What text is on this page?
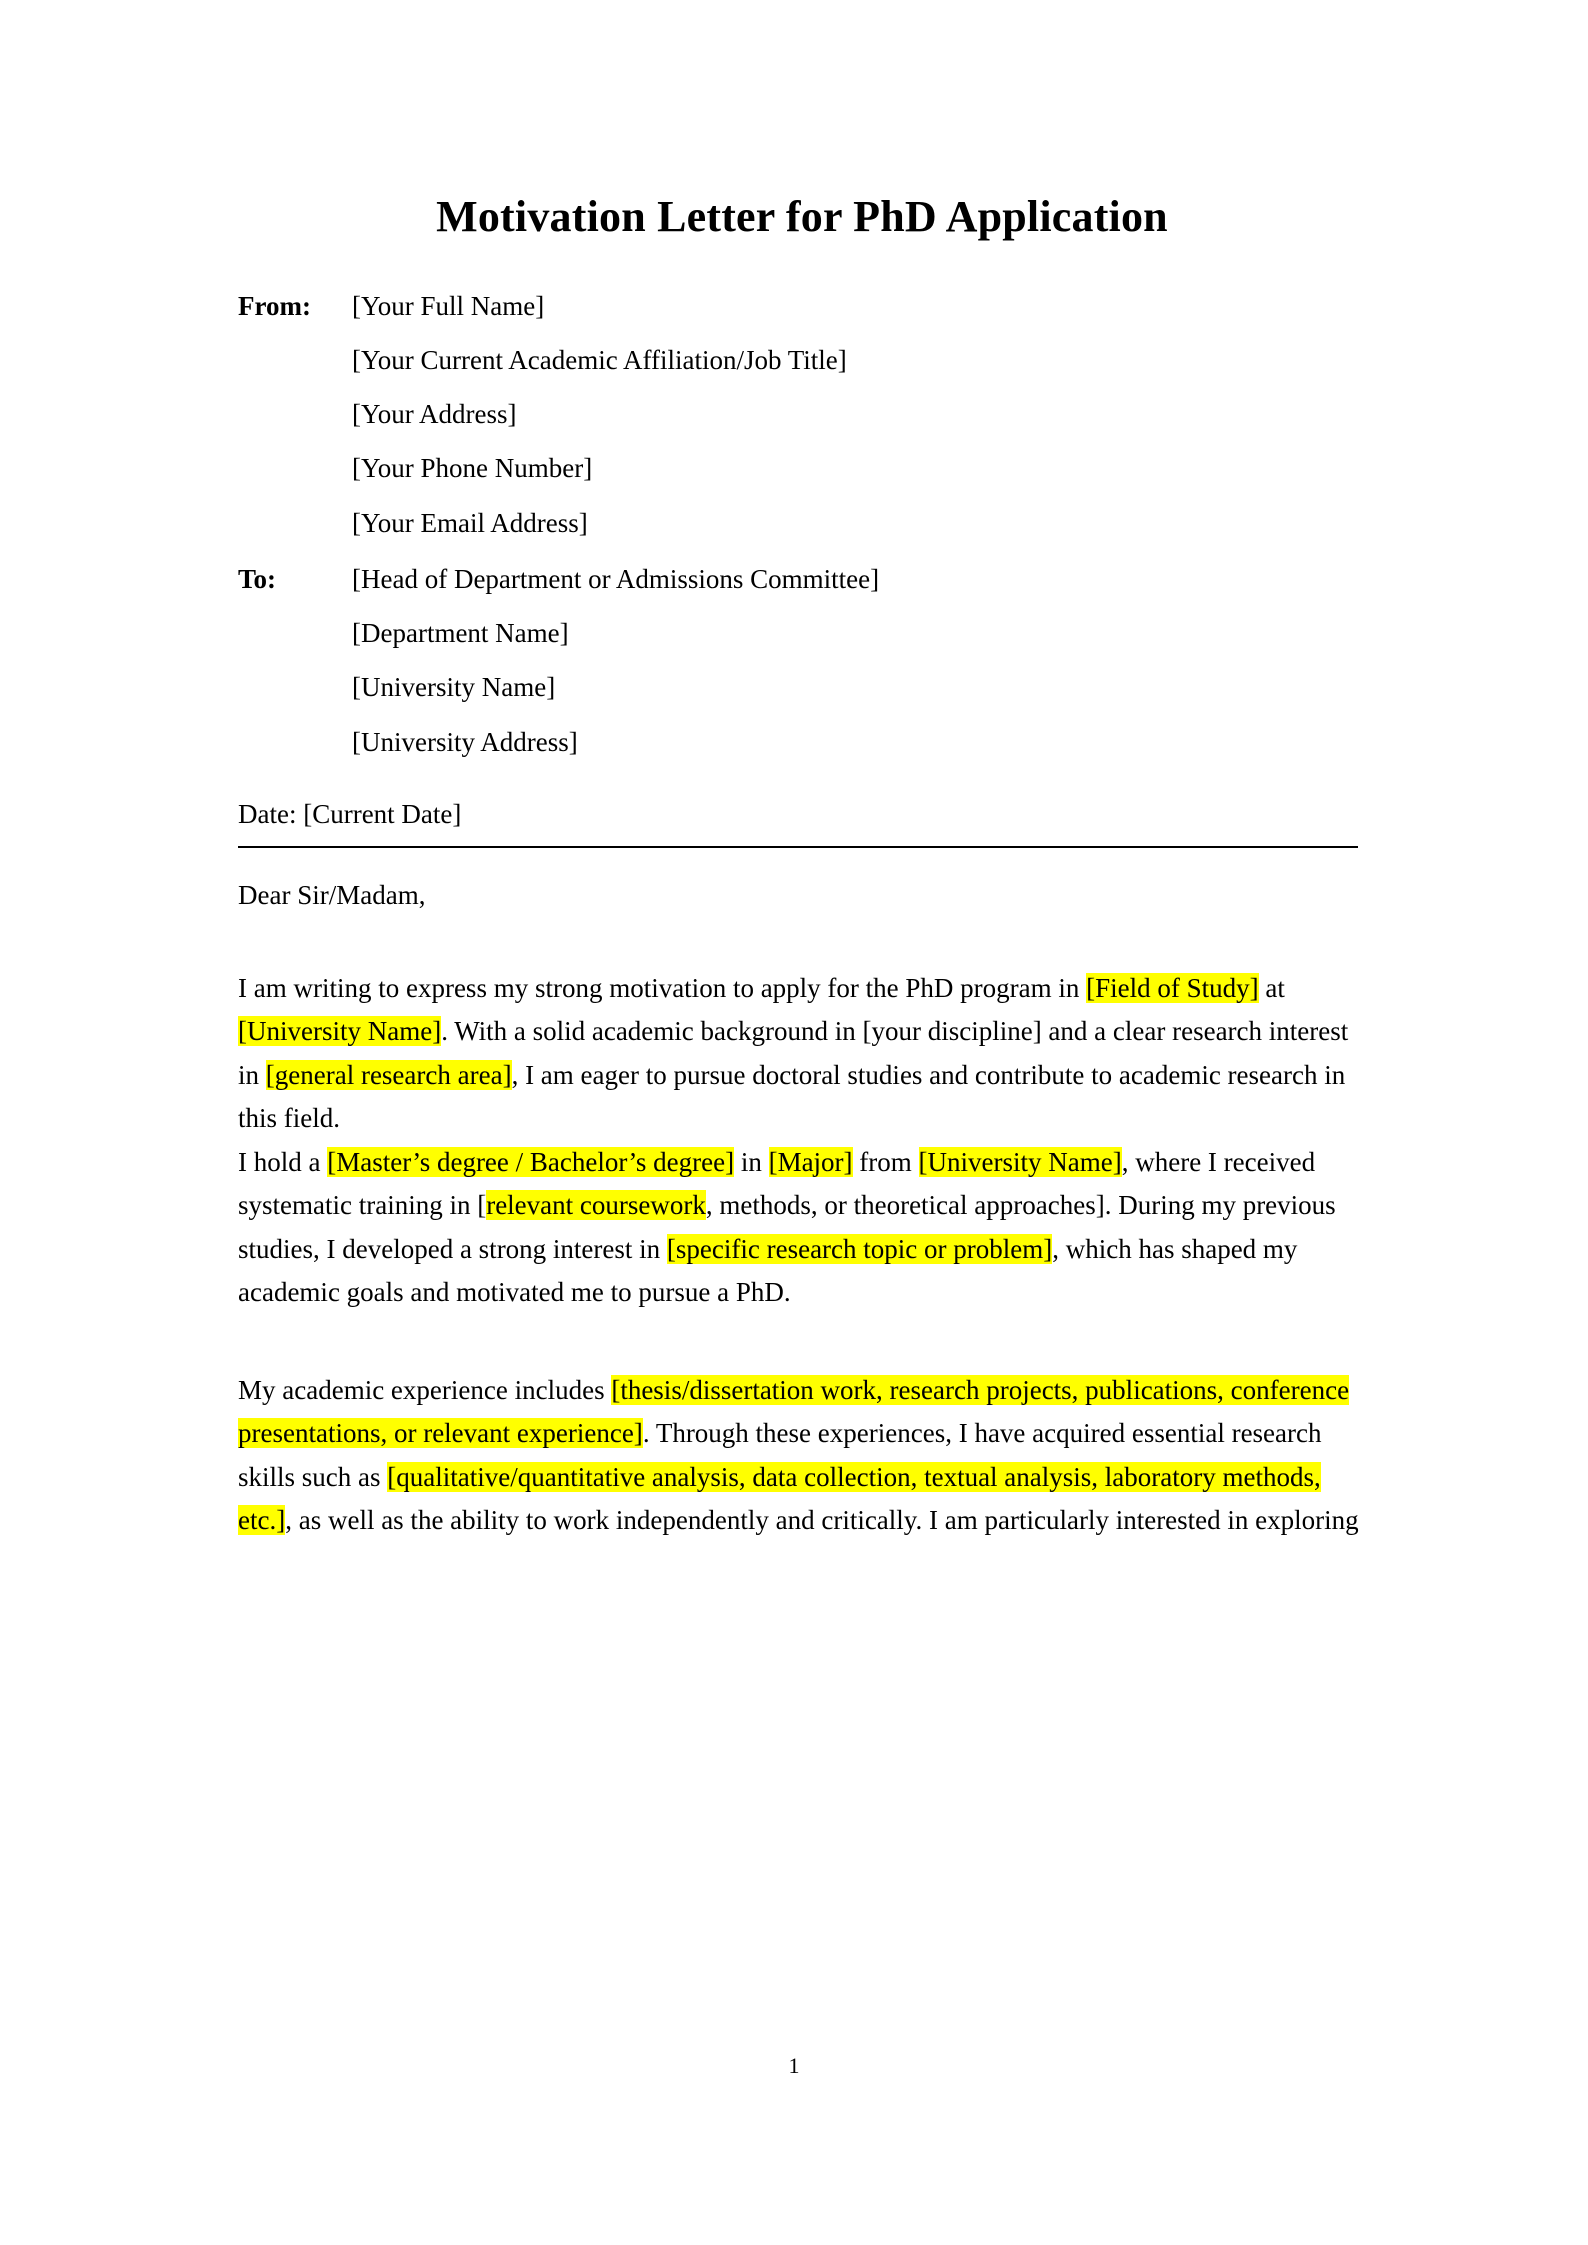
Motivation Letter for PhD Application
From:	[Your Full Name]
[Your Current Academic Affiliation/Job Title]
[Your Address]
[Your Phone Number]
[Your Email Address]
To:	[Head of Department or Admissions Committee]
[Department Name]
[University Name]
[University Address]
Date: [Current Date]
Dear Sir/Madam,

I am writing to express my strong motivation to apply for the PhD program in [Field of Study] at [University Name]. With a solid academic background in [your discipline] and a clear research interest in [general research area], I am eager to pursue doctoral studies and contribute to academic research in this field.

I hold a [Master’s degree / Bachelor’s degree] in [Major] from [University Name], where I received systematic training in [relevant coursework, methods, or theoretical approaches]. During my previous studies, I developed a strong interest in [specific research topic or problem], which has shaped my academic goals and motivated me to pursue a PhD.

My academic experience includes [thesis/dissertation work, research projects, publications, conference presentations, or relevant experience]. Through these experiences, I have acquired essential research skills such as [qualitative/quantitative analysis, data collection, textual analysis, laboratory methods, etc.], as well as the ability to work independently and critically. I am particularly interested in exploring

1
